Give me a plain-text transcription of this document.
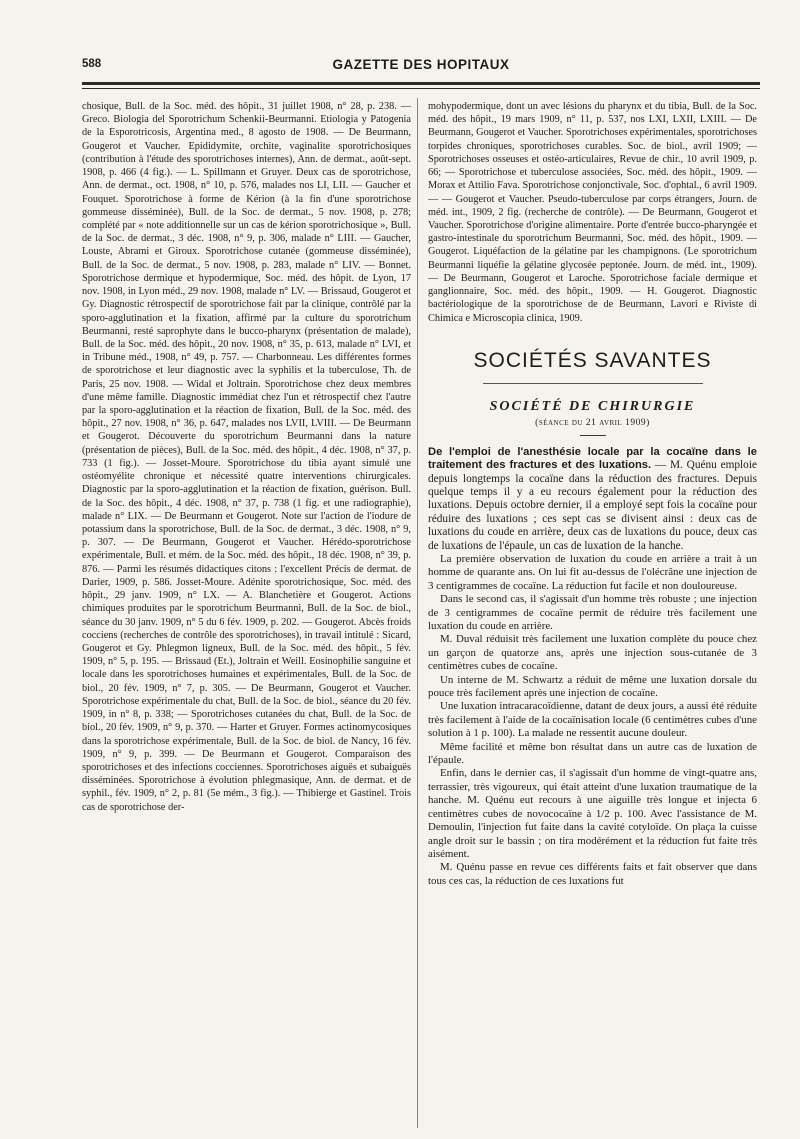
588	GAZETTE DES HOPITAUX

chosique, Bull. de la Soc. méd. des hôpit., 31 juillet 1908, n° 28, p. 238. — Greco. Biologia del Sporotrichum Schenkii-Beurmanni. Etiologia y Patogenia de la Esporotricosis, Argentina med., 8 agosto de 1908. — De Beurmann, Gougerot et Vaucher. Epididymite, orchite, vaginalite sporotrichosiques (contribution à l'étude des sporotrichoses internes), Ann. de dermat., août-sept. 1908, p. 466 (4 fig.). — L. Spillmann et Gruyer. Deux cas de sporotrichose, Ann. de dermat., oct. 1908, n° 10, p. 576, malades nos LI, LII. — Gaucher et Fouquet. Sporotrichose à forme de Kérion (à la fin d'une sporotrichose gommeuse disséminée), Bull. de la Soc. de dermat., 5 nov. 1908, p. 278; complété par « note additionnelle sur un cas de kérion sporotrichosique », Bull. de la Soc. de dermat., 3 déc. 1908, n° 9, p. 306, malade n° LIII. — Gaucher, Louste, Abrami et Giroux. Sporotrichose cutanée (gommeuse disséminée), Bull. de la Soc. de dermat., 5 nov. 1908, p. 283, malade n° LIV. — Bonnet. Sporotrichose dermique et hypodermique, Soc. méd. des hôpit. de Lyon, 17 nov. 1908, in Lyon méd., 29 nov. 1908, malade n° LV. — Brissaud, Gougerot et Gy. Diagnostic rétrospectif de sporotrichose fait par la clinique, contrôlé par la sporo-agglutination et la fixation, affirmé par la culture du sporotrichum Beurmanni, resté saprophyte dans le bucco-pharynx (présentation de malade), Bull. de la Soc. méd. des hôpit., 20 nov. 1908, n° 35, p. 613, malade n° LVI, et in Tribune méd., 1908, n° 49, p. 757. — Charbonneau. Les différentes formes de sporotrichose et leur diagnostic avec la syphilis et la tuberculose, Th. de Paris, 25 nov. 1908. — Widal et Joltrain. Sporotrichose chez deux membres d'une même famille. Diagnostic immédiat chez l'un et rétrospectif chez l'autre par la sporo-agglutination et la réaction de fixation, Bull. de la Soc. méd. des hôpit., 27 nov. 1908, n° 36, p. 647, malades nos LVII, LVIII. — De Beurmann et Gougerot. Découverte du sporotrichum Beurmanni dans la nature (présentation de pièces), Bull. de la Soc. méd. des hôpit., 4 déc. 1908, n° 37, p. 733 (1 fig.). — Josset-Moure. Sporotrichose du tibia ayant simulé une ostéomyélite chronique et nécessité quatre interventions chirurgicales. Diagnostic par la sporo-agglutination et la réaction de fixation, guérison. Bull. de la Soc. des hôpit., 4 déc. 1908, n° 37, p. 738 (1 fig. et une radiographie), malade n° LIX. — De Beurmann et Gougerot. Note sur l'action de l'iodure de potassium dans la sporotrichose, Bull. de la Soc. de dermat., 3 déc. 1908, n° 9, p. 307. — De Beurmann, Gougerot et Vaucher. Hérédo-sporotrichose expérimentale, Bull. et mém. de la Soc. méd. des hôpit., 18 déc. 1908, n° 39, p. 876. — Parmi les résumés didactiques citons : l'excellent Précis de dermat. de Darier, 1909, p. 586. Josset-Moure. Adénite sporotrichosique, Soc. méd. des hôpit., 29 janv. 1909, n° LX. — A. Blanchetière et Gougerot. Actions chimiques produites par le sporotrichum Beurmanni, Bull. de la Soc. de biol., séance du 30 janv. 1909, n° 5 du 6 fév. 1909, p. 202. — Gougerot. Abcès froids cocciens (recherches de contrôle des sporotrichoses), in travail intitulé : Sicard, Gougerot et Gy. Phlegmon ligneux, Bull. de la Soc. méd. des hôpit., 5 fév. 1909, n° 5, p. 195. — Brissaud (Et.), Joltrain et Weill. Eosinophilie sanguine et locale dans les sporotrichoses humaines et expérimentales, Bull. de la Soc. de biol., 20 fév. 1909, n° 7, p. 305. — De Beurmann, Gougerot et Vaucher. Sporotrichose expérimentale du chat, Bull. de la Soc. de biol., séance du 20 fév. 1909, in n° 8, p. 338; — Sporotrichoses cutanées du chat, Bull. de la Soc. de biol., 20 fév. 1909, n° 9, p. 370. — Harter et Gruyer. Formes actinomycosiques dans la sporotrichose expérimentale, Bull. de la Soc. de biol. de Nancy, 16 fév. 1909, n° 9, p. 399. — De Beurmann et Gougerot. Comparaison des sporotrichoses et des infections cocciennes. Sporotrichoses aiguës et subaiguës disséminées. Sporotrichose à évolution phlegmasique, Ann. de dermat. et de syphil., fév. 1909, n° 2, p. 81 (5e mém., 3 fig.). — Thibierge et Gastinel. Trois cas de sporotrichose der-

mohypodermique, dont un avec lésions du pharynx et du tibia, Bull. de la Soc. méd. des hôpit., 19 mars 1909, n° 11, p. 537, nos LXI, LXII, LXIII. — De Beurmann, Gougerot et Vaucher. Sporotrichoses expérimentales, sporotrichoses torpides chroniques, sporotrichoses curables. Soc. de biol., avril 1909; — Sporotrichoses osseuses et ostéo-articulaires, Revue de chir., 10 avril 1909, p. 66; — Sporotrichose et tuberculose associées, Soc. méd. des hôpit., 1909. — Morax et Attilio Fava. Sporotrichose conjonctivale, Soc. d'ophtal., 6 avril 1909. — — Gougerot et Vaucher. Pseudo-tuberculose par corps étrangers, Journ. de méd. int., 1909, 2 fig. (recherche de contrôle). — De Beurmann, Gougerot et Vaucher. Sporotrichose d'origine alimentaire. Porte d'entrée bucco-pharyngée et gastro-intestinale du sporotrichum Beurmanni, Soc. méd. des hôpit., 1909. — Gougerot. Liquéfaction de la gélatine par les champignons. (Le sporotrichum Beurmanni liquéfie la gélatine glycosée peptonée. Journ. de méd. int., 1909). — De Beurmann, Gougerot et Laroche. Sporotrichose faciale dermique et ganglionnaire, Soc. méd. des hôpit., 1909. — H. Gougerot. Diagnostic bactériologique de la sporotrichose de de Beurmann, Lavori e Riviste di Chimica e Microscopia clinica, 1909.

SOCIÉTÉS SAVANTES
SOCIÉTÉ DE CHIRURGIE
(séance du 21 avril 1909)

De l'emploi de l'anesthésie locale par la cocaïne dans le traitement des fractures et des luxations. — M. Quénu emploie depuis longtemps la cocaïne dans la réduction des fractures. Depuis quelque temps il y a eu recours également pour la réduction des luxations. Depuis octobre dernier, il a employé sept fois la cocaïne pour réduire des luxations ; ces sept cas se divisent ainsi : deux cas de luxations du coude en arrière, deux cas de luxations du pouce, deux cas de luxations de l'épaule, un cas de luxation de la hanche.

La première observation de luxation du coude en arrière a trait à un homme de quarante ans. On lui fit au-dessus de l'olécrâne une injection de 3 centigrammes de cocaïne. La réduction fut facile et non douloureuse.

Dans le second cas, il s'agissait d'un homme très robuste ; une injection de 3 centigrammes de cocaïne permit de réduire très facilement une luxation du coude en arrière.

M. Duval réduisit très facilement une luxation complète du pouce chez un garçon de quatorze ans, après une injection sous-cutanée de 3 centimètres cubes de cocaïne.

Un interne de M. Schwartz a réduit de même une luxation dorsale du pouce très facilement après une injection de cocaïne.

Une luxation intracaracoïdienne, datant de deux jours, a aussi été réduite très facilement à l'aide de la cocaïnisation locale (6 centimètres cubes d'une solution à 1 p. 100). La malade ne ressentit aucune douleur.

Même facilité et même bon résultat dans un autre cas de luxation de l'épaule.

Enfin, dans le dernier cas, il s'agissait d'un homme de vingt-quatre ans, terrassier, très vigoureux, qui était atteint d'une luxation traumatique de la hanche. M. Quénu eut recours à une aiguille très longue et injecta 6 centimètres cubes de novococaïne à 1/2 p. 100. Avec l'assistance de M. Demoulin, l'injection fut faite dans la cavité cotyloïde. On plaça la cuisse angle droit sur le bassin ; on tira modérément et la réduction fut faite très aisément.

M. Quénu passe en revue ces différents faits et fait observer que dans tous ces cas, la réduction de ces luxations fut
